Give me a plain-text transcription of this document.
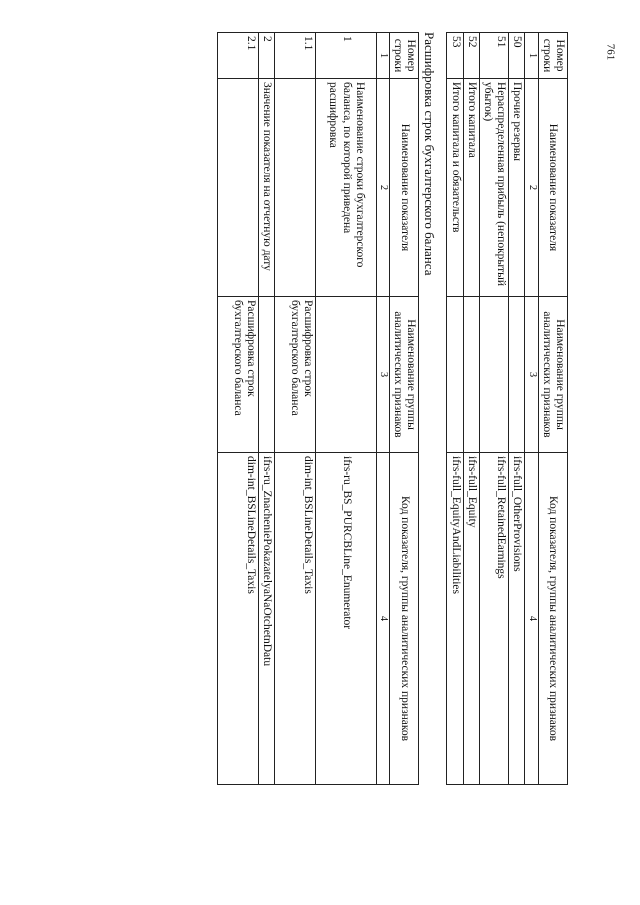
761
Номер строки	Наименование показателя	Наименование группы аналитических признаков	Код показателя, группы аналитических признаков
1	2	3	4
50	Прочие резервы		ifrs-full_OtherProvisions
51	Нераспределенная прибыль (непокрытый убыток)		ifrs-full_RetainedEarnings
52	Итого капитала		ifrs-full_Equity
53	Итого капитала и обязательств		ifrs-full_EquityAndLiabilities
Расшифровка строк бухгалтерского баланса
Номер строки	Наименование показателя	Наименование группы аналитических признаков	Код показателя, группы аналитических признаков
1	2	3	4
1	Наименование строки бухгалтерского баланса, по которой приведена расшифровка		ifrs-ru_BS_PURCBLine_Enumerator
1.1		Расшифровка строк бухгалтерского баланса	dim-int_BSLineDetails_Taxis
2	Значение показателя на отчетную дату		ifrs-ru_ZnacheniePokazatelyaNaOtchetnDatu
2.1		Расшифровка строк бухгалтерского баланса	dim-int_BSLineDetails_Taxis
